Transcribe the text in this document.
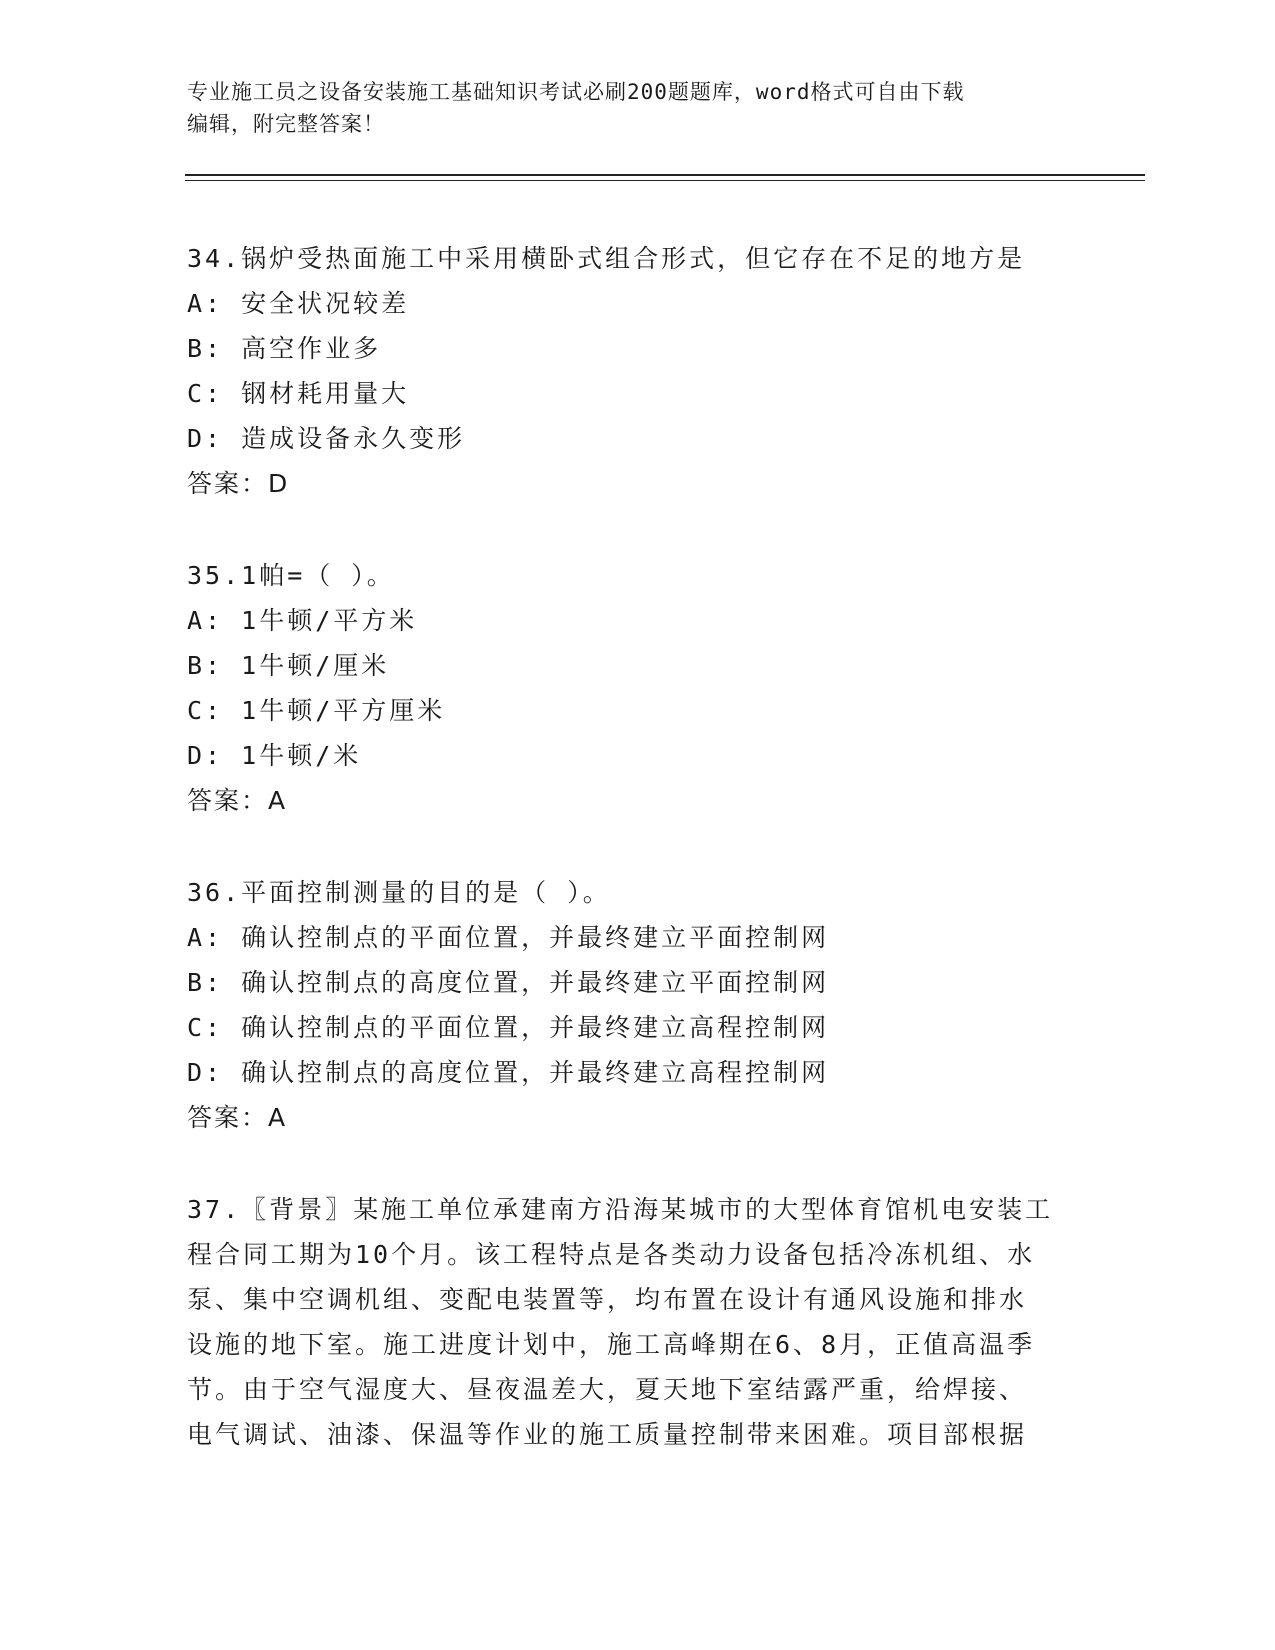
专业施工员之设备安装施工基础知识考试必刷200题题库，word格式可自由下载
编辑，附完整答案！
34.锅炉受热面施工中采用横卧式组合形式，但它存在不足的地方是
A: 安全状况较差
B: 高空作业多
C: 钢材耗用量大
D: 造成设备永久变形
答案：D
35.1帕=（ ）。
A: 1牛顿/平方米
B: 1牛顿/厘米
C: 1牛顿/平方厘米
D: 1牛顿/米
答案：A
36.平面控制测量的目的是（ ）。
A: 确认控制点的平面位置，并最终建立平面控制网
B: 确认控制点的高度位置，并最终建立平面控制网
C: 确认控制点的平面位置，并最终建立高程控制网
D: 确认控制点的高度位置，并最终建立高程控制网
答案：A
37.〖背景〗某施工单位承建南方沿海某城市的大型体育馆机电安装工
程合同工期为10个月。该工程特点是各类动力设备包括冷冻机组、水
泵、集中空调机组、变配电装置等，均布置在设计有通风设施和排水
设施的地下室。施工进度计划中，施工高峰期在6、8月，正值高温季
节。由于空气湿度大、昼夜温差大，夏天地下室结露严重，给焊接、
电气调试、油漆、保温等作业的施工质量控制带来困难。项目部根据
